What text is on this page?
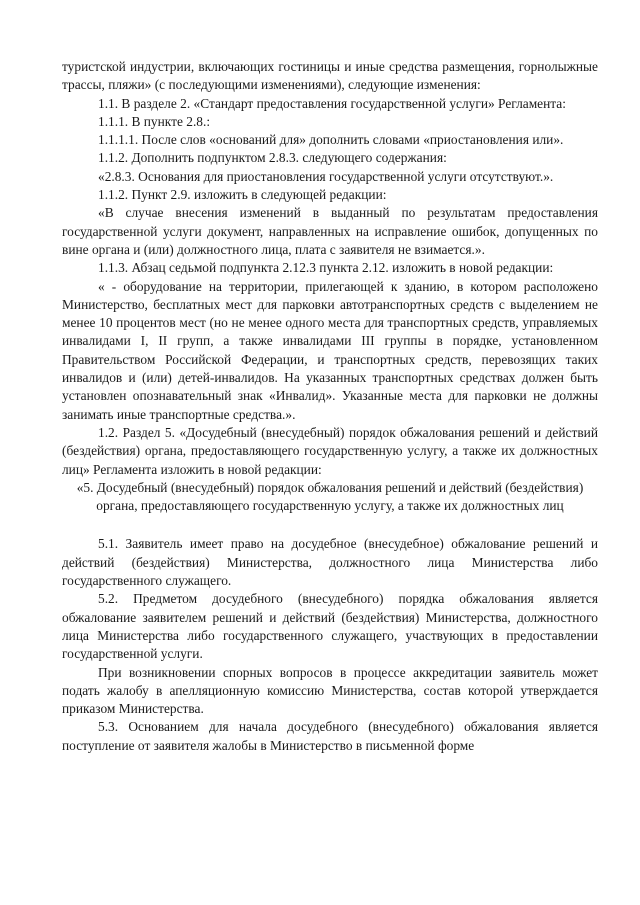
туристской индустрии, включающих гостиницы и иные средства размещения, горнолыжные трассы, пляжи» (с последующими изменениями), следующие изменения:

1.1. В разделе 2. «Стандарт предоставления государственной услуги» Регламента:

1.1.1. В пункте 2.8.:

1.1.1.1. После слов «оснований для» дополнить словами «приостановления или».

1.1.2. Дополнить подпунктом 2.8.3. следующего содержания:

«2.8.3. Основания для приостановления государственной услуги отсутствуют.».

1.1.2. Пункт 2.9. изложить в следующей редакции:

«В случае внесения изменений в выданный по результатам предоставления государственной услуги документ, направленных на исправление ошибок, допущенных по вине органа и (или) должностного лица, плата с заявителя не взимается.».

1.1.3. Абзац седьмой подпункта 2.12.3 пункта 2.12. изложить в новой редакции:

« - оборудование на территории, прилегающей к зданию, в котором расположено Министерство, бесплатных мест для парковки автотранспортных средств с выделением не менее 10 процентов мест (но не менее одного места для транспортных средств, управляемых инвалидами I, II групп, а также инвалидами III группы в порядке, установленном Правительством Российской Федерации, и транспортных средств, перевозящих таких инвалидов и (или) детей-инвалидов. На указанных транспортных средствах должен быть установлен опознавательный знак «Инвалид». Указанные места для парковки не должны занимать иные транспортные средства.».

1.2. Раздел 5. «Досудебный (внесудебный) порядок обжалования решений и действий (бездействия) органа, предоставляющего государственную услугу, а также их должностных лиц» Регламента изложить в новой редакции:

«5. Досудебный (внесудебный) порядок обжалования решений и действий (бездействия) органа, предоставляющего государственную услугу, а также их должностных лиц

5.1. Заявитель имеет право на досудебное (внесудебное) обжалование решений и действий (бездействия) Министерства, должностного лица Министерства либо государственного служащего.

5.2. Предметом досудебного (внесудебного) порядка обжалования является обжалование заявителем решений и действий (бездействия) Министерства, должностного лица Министерства либо государственного служащего, участвующих в предоставлении государственной услуги.

При возникновении спорных вопросов в процессе аккредитации заявитель может подать жалобу в апелляционную комиссию Министерства, состав которой утверждается приказом Министерства.

5.3. Основанием для начала досудебного (внесудебного) обжалования является поступление от заявителя жалобы в Министерство в письменной форме
